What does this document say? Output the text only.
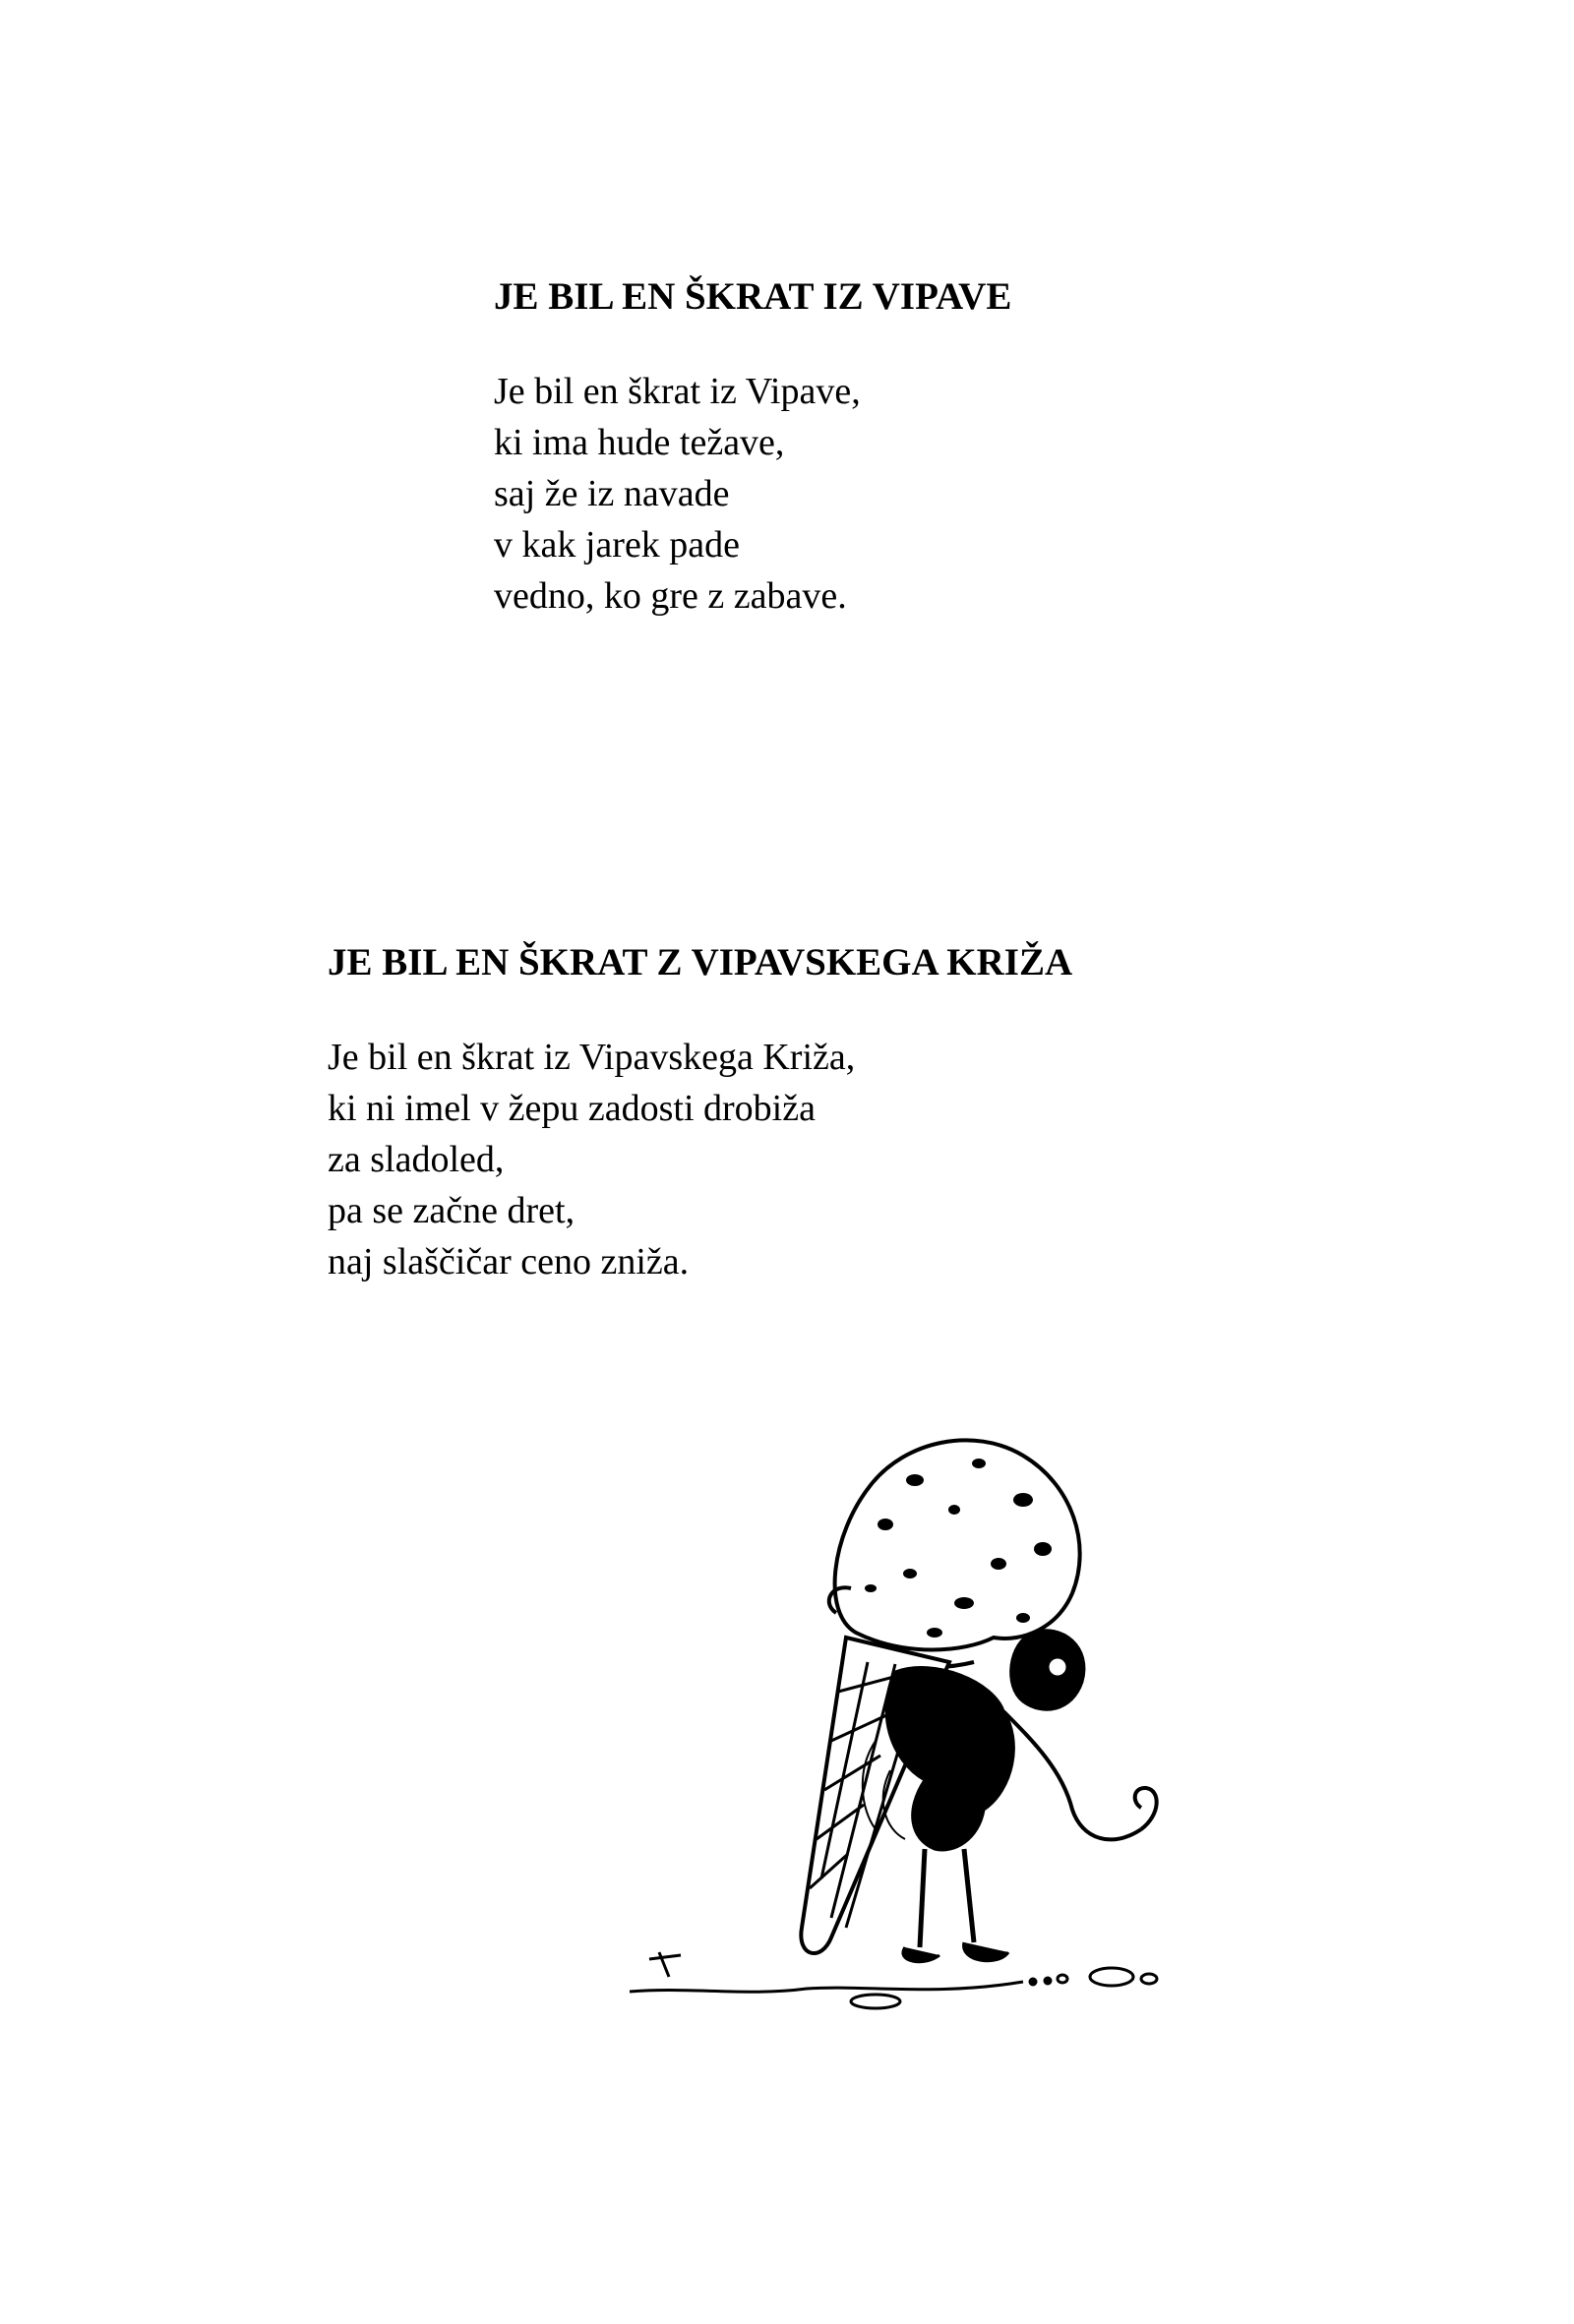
JE BIL EN ŠKRAT IZ VIPAVE
Je bil en škrat iz Vipave,
ki ima hude težave,
saj že iz navade
v kak jarek pade
vedno, ko gre z zabave.
JE BIL EN ŠKRAT Z VIPAVSKEGA KRIŽA
Je bil en škrat iz Vipavskega Križa,
ki ni imel v žepu zadosti drobiža
za sladoled,
pa se začne dret,
naj slaščičar ceno zniža.
